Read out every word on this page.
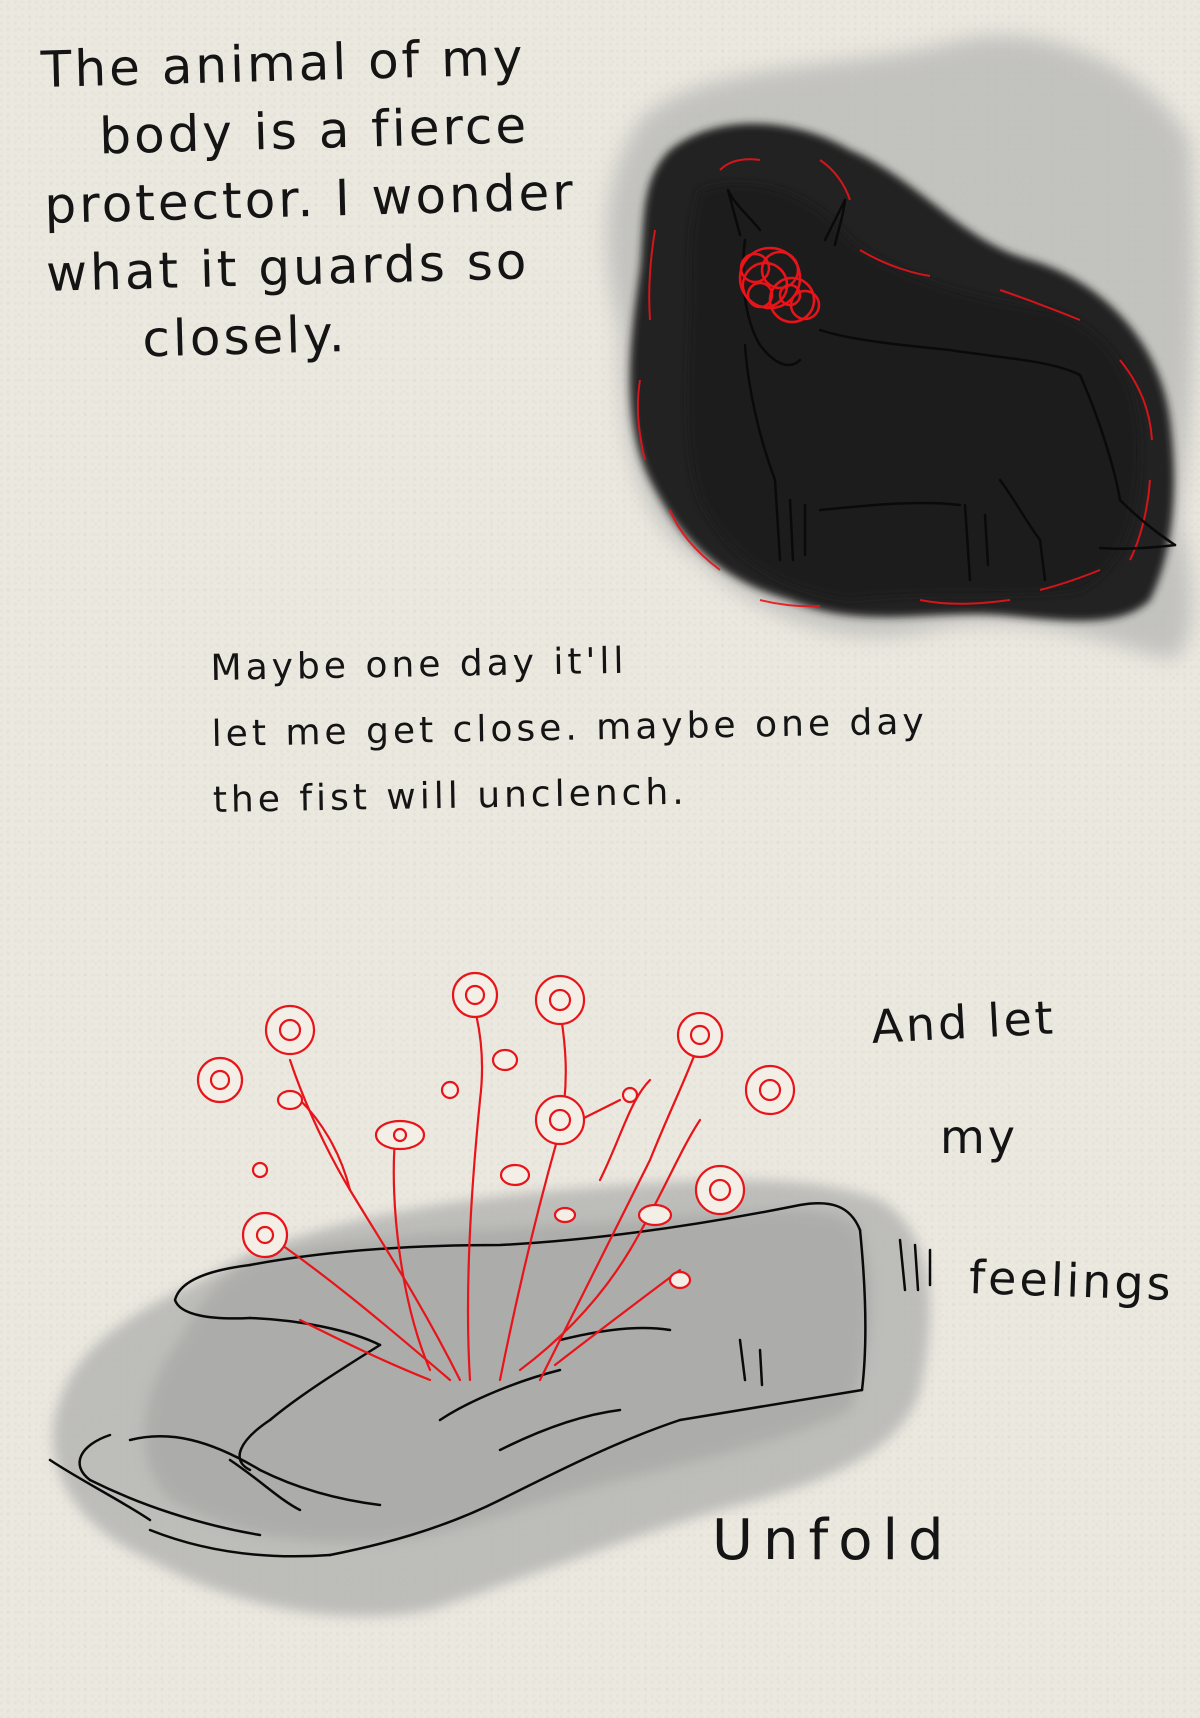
The animal of my
body is a fierce
protector. I wonder
what it guards so
closely.
Maybe one day it'll
let me get close. maybe one day
the fist will unclench.
And let
my
feelings
Unfold
